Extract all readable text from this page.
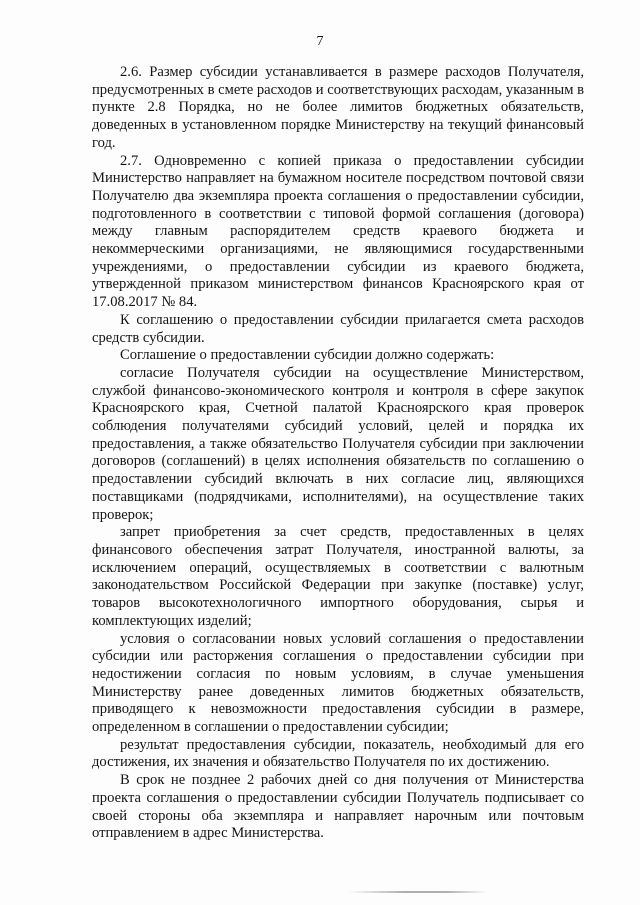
7

2.6. Размер субсидии устанавливается в размере расходов Получателя, предусмотренных в смете расходов и соответствующих расходам, указанным в пункте 2.8 Порядка, но не более лимитов бюджетных обязательств, доведенных в установленном порядке Министерству на текущий финансовый год.

2.7. Одновременно с копией приказа о предоставлении субсидии Министерство направляет на бумажном носителе посредством почтовой связи Получателю два экземпляра проекта соглашения о предоставлении субсидии, подготовленного в соответствии с типовой формой соглашения (договора) между главным распорядителем средств краевого бюджета и некоммерческими организациями, не являющимися государственными учреждениями, о предоставлении субсидии из краевого бюджета, утвержденной приказом министерством финансов Красноярского края от 17.08.2017 № 84.

К соглашению о предоставлении субсидии прилагается смета расходов средств субсидии.

Соглашение о предоставлении субсидии должно содержать:

согласие Получателя субсидии на осуществление Министерством, службой финансово-экономического контроля и контроля в сфере закупок Красноярского края, Счетной палатой Красноярского края проверок соблюдения получателями субсидий условий, целей и порядка их предоставления, а также обязательство Получателя субсидии при заключении договоров (соглашений) в целях исполнения обязательств по соглашению о предоставлении субсидий включать в них согласие лиц, являющихся поставщиками (подрядчиками, исполнителями), на осуществление таких проверок;

запрет приобретения за счет средств, предоставленных в целях финансового обеспечения затрат Получателя, иностранной валюты, за исключением операций, осуществляемых в соответствии с валютным законодательством Российской Федерации при закупке (поставке) услуг, товаров высокотехнологичного импортного оборудования, сырья и комплектующих изделий;

условия о согласовании новых условий соглашения о предоставлении субсидии или расторжения соглашения о предоставлении субсидии при недостижении согласия по новым условиям, в случае уменьшения Министерству ранее доведенных лимитов бюджетных обязательств, приводящего к невозможности предоставления субсидии в размере, определенном в соглашении о предоставлении субсидии;

результат предоставления субсидии, показатель, необходимый для его достижения, их значения и обязательство Получателя по их достижению.

В срок не позднее 2 рабочих дней со дня получения от Министерства проекта соглашения о предоставлении субсидии Получатель подписывает со своей стороны оба экземпляра и направляет нарочным или почтовым отправлением в адрес Министерства.
